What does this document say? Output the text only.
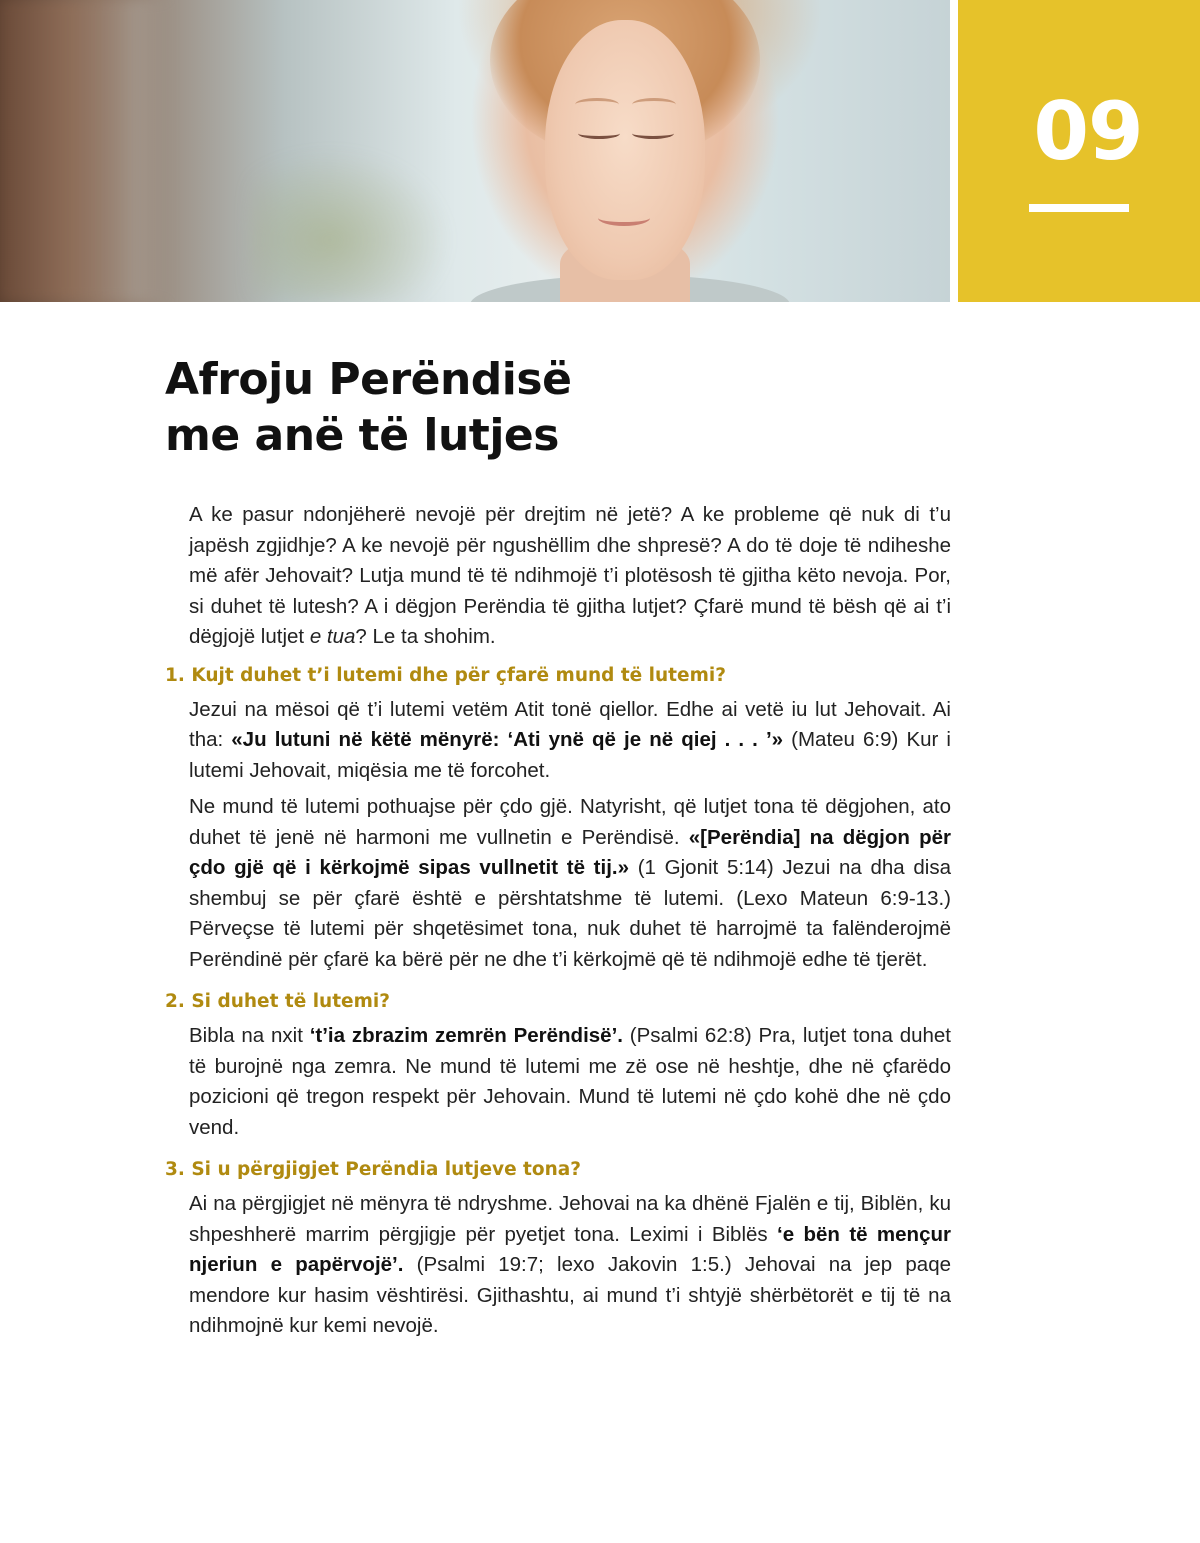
09
Afroju Perëndisë
me anë të lutjes

A ke pasur ndonjëherë nevojë për drejtim në jetë? A ke probleme që nuk di t’u japësh zgjidhje? A ke nevojë për ngushëllim dhe shpresë? A do të doje të ndiheshe më afër Jehovait? Lutja mund të të ndihmojë t’i plotësosh të gjitha këto nevoja. Por, si duhet të lutesh? A i dëgjon Perëndia të gjitha lutjet? Çfarë mund të bësh që ai t’i dëgjojë lutjet e tua? Le ta shohim.

1. Kujt duhet t’i lutemi dhe për çfarë mund të lutemi?

Jezui na mësoi që t’i lutemi vetëm Atit tonë qiellor. Edhe ai vetë iu lut Jehovait. Ai tha: «Ju lutuni në këtë mënyrë: ‘Ati ynë që je në qiej . . . ’» (Mateu 6:9) Kur i lutemi Jehovait, miqësia me të forcohet.

Ne mund të lutemi pothuajse për çdo gjë. Natyrisht, që lutjet tona të dëgjohen, ato duhet të jenë në harmoni me vullnetin e Perëndisë. «[Perëndia] na dëgjon për çdo gjë që i kërkojmë sipas vullnetit të tij.» (1 Gjonit 5:14) Jezui na dha disa shembuj se për çfarë është e përshtatshme të lutemi. (Lexo Mateun 6:9-13.) Përveçse të lutemi për shqetësimet tona, nuk duhet të harrojmë ta falënderojmë Perëndinë për çfarë ka bërë për ne dhe t’i kërkojmë që të ndihmojë edhe të tjerët.

2. Si duhet të lutemi?

Bibla na nxit ‘t’ia zbrazim zemrën Perëndisë’. (Psalmi 62:8) Pra, lutjet tona duhet të burojnë nga zemra. Ne mund të lutemi me zë ose në heshtje, dhe në çfarëdo pozicioni që tregon respekt për Jehovain. Mund të lutemi në çdo kohë dhe në çdo vend.

3. Si u përgjigjet Perëndia lutjeve tona?

Ai na përgjigjet në mënyra të ndryshme. Jehovai na ka dhënë Fjalën e tij, Biblën, ku shpeshherë marrim përgjigje për pyetjet tona. Leximi i Biblës ‘e bën të mençur njeriun e papërvojë’. (Psalmi 19:7; lexo Jakovin 1:5.) Jehovai na jep paqe mendore kur hasim vështirësi. Gjithashtu, ai mund t’i shtyjë shërbëtorët e tij të na ndihmojnë kur kemi nevojë.
